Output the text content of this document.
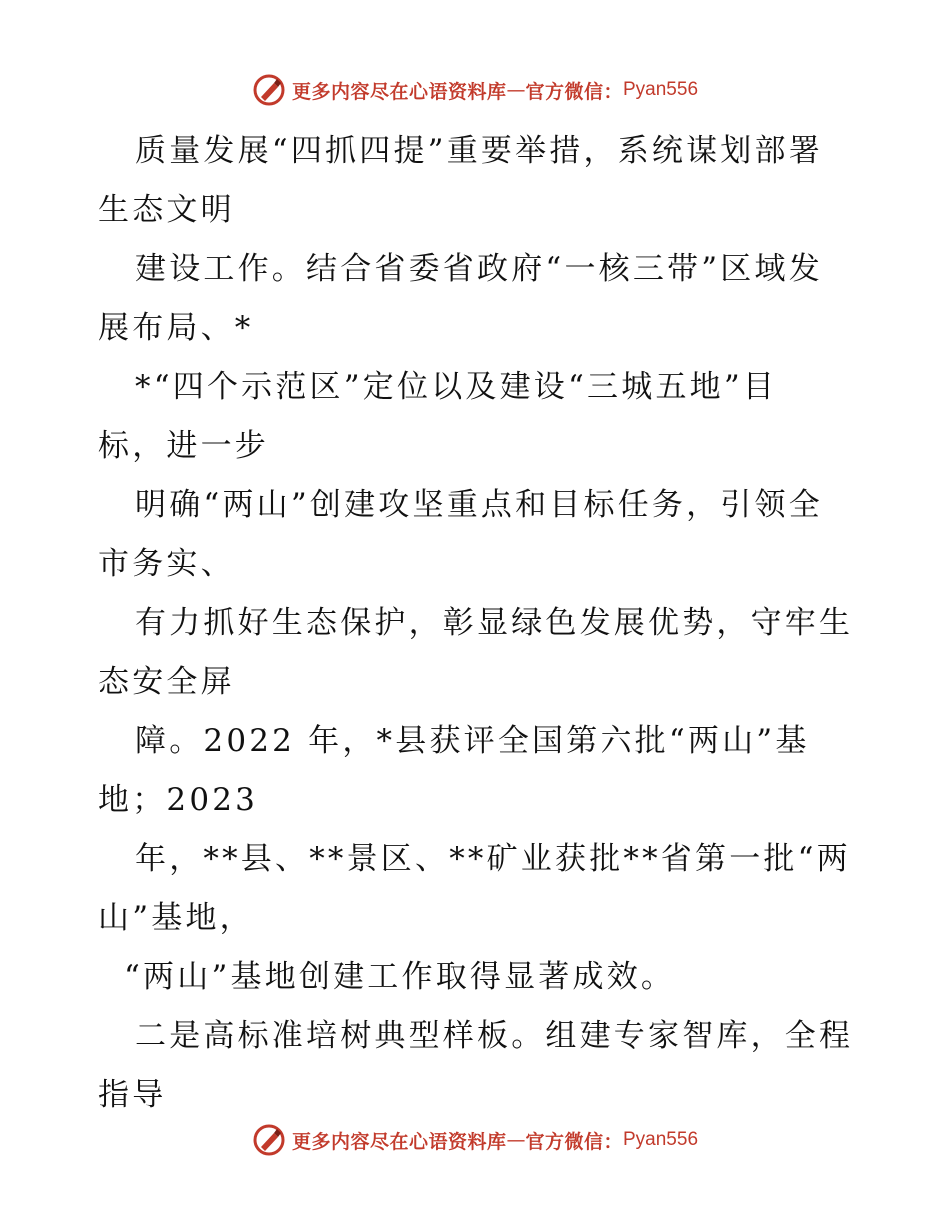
更多内容尽在心语资料库 — 官方微信： Pyan556
质量发展“四抓四提”重要举措，系统谋划部署
生态文明
建设工作。结合省委省政府“一核三带”区域发
展布局、*
*“四个示范区”定位以及建设“三城五地”目
标，进一步
明确“两山”创建攻坚重点和目标任务，引领全
市务实、
有力抓好生态保护，彰显绿色发展优势，守牢生
态安全屏
障。2022 年，*县获评全国第六批“两山”基
地；2023
年，**县、**景区、**矿业获批**省第一批“两
山”基地，
“两山”基地创建工作取得显著成效。
二是高标准培树典型样板。组建专家智库，全程
指导
更多内容尽在心语资料库 — 官方微信： Pyan556
